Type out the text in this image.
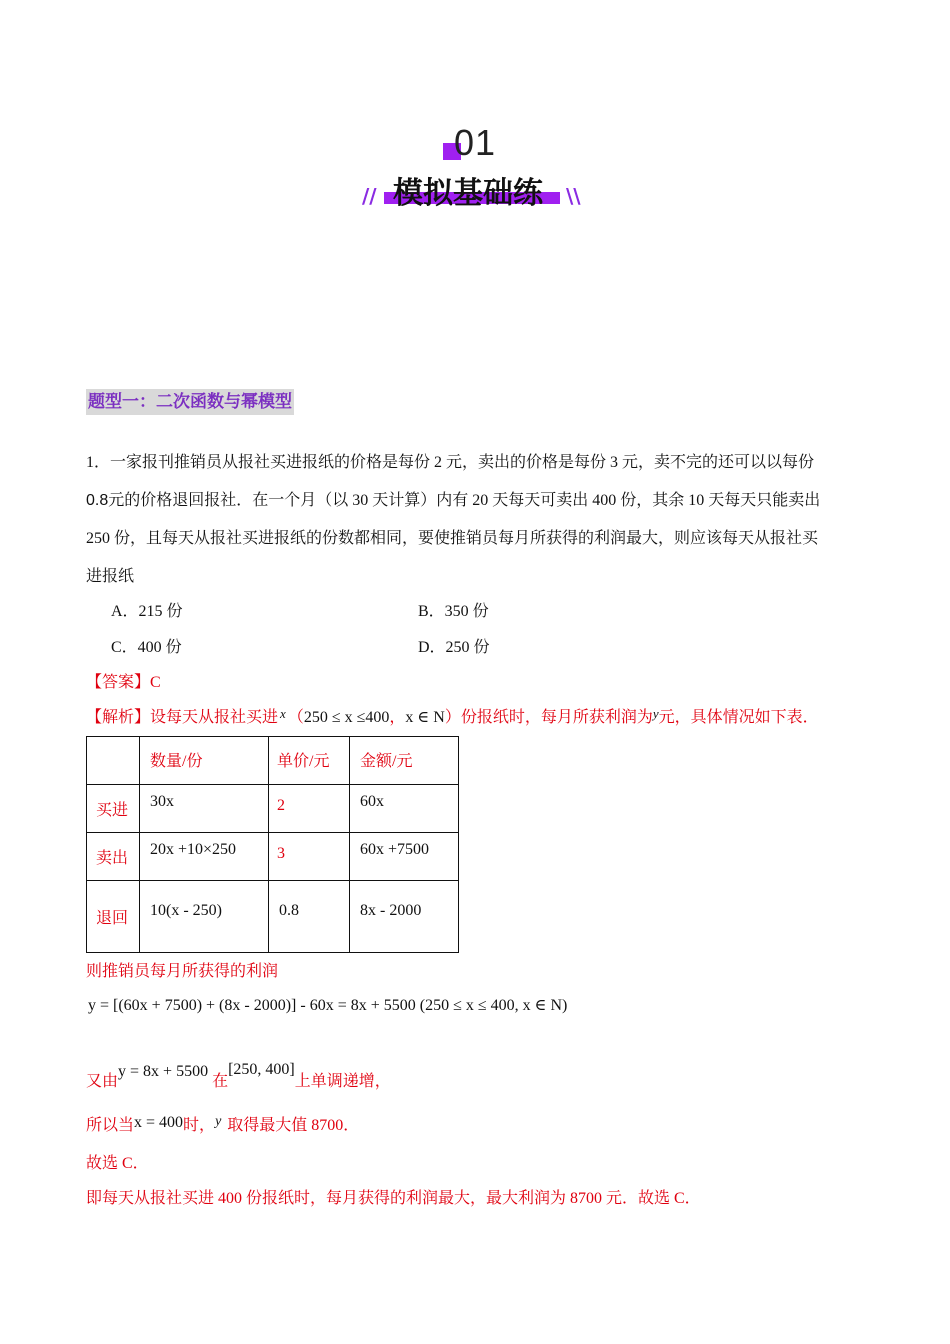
01
模拟基础练
//	\\
题型一：二次函数与幂模型
1．一家报刊推销员从报社买进报纸的价格是每份 2 元，卖出的价格是每份 3 元，卖不完的还可以以每份
0.8元的价格退回报社．在一个月（以 30 天计算）内有 20 天每天可卖出 400 份，其余 10 天每天只能卖出
250 份，且每天从报社买进报纸的份数都相同，要使推销员每月所获得的利润最大，则应该每天从报社买
进报纸
A．215 份	B．350 份
C．400 份	D．250 份
【答案】C
【解析】设每天从报社买进 $^x$ （250 ≤ x ≤400，x ∈ N）份报纸时，每月所获利润为$^y$元，具体情况如下表．
	数量/份	单价/元	金额/元
买进	30x	2	60x
卖出	20x +10×250	3	60x +7500
退回	10(x - 250)	0.8	8x - 2000
则推销员每月所获得的利润
y = [(60x + 7500) + (8x - 2000)] - 60x = 8x + 5500 (250 ≤ x ≤ 400, x ∈ N)
又由y = 8x + 5500在[250, 400]上单调递增，
所以当x = 400时，y 取得最大值 8700．
故选 C．
即每天从报社买进 400 份报纸时，每月获得的利润最大，最大利润为 8700 元．故选 C．
